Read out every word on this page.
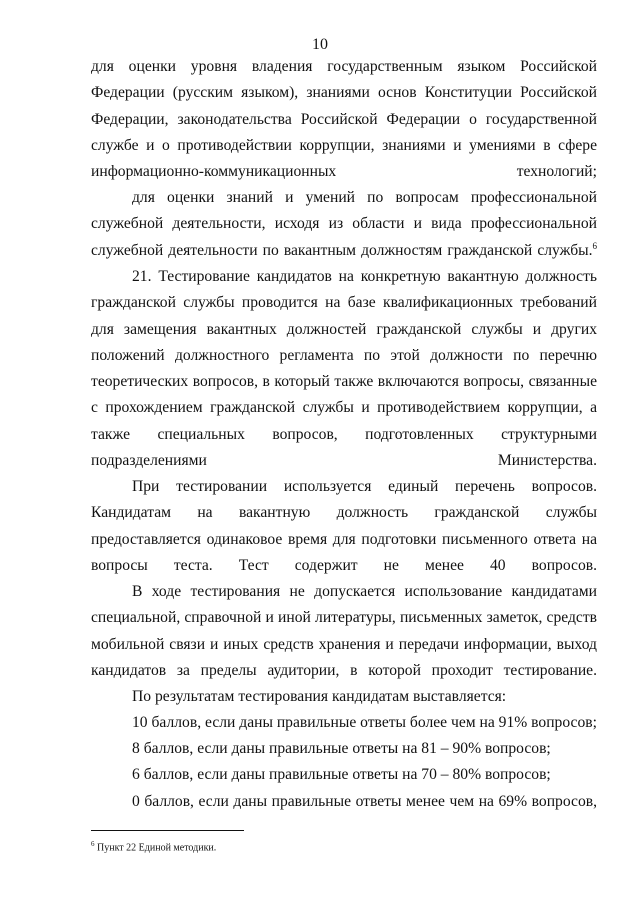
10

для оценки уровня владения государственным языком Российской Федерации (русским языком), знаниями основ Конституции Российской Федерации, законодательства Российской Федерации о государственной службе и о противодействии коррупции, знаниями и умениями в сфере информационно-коммуникационных технологий;

для оценки знаний и умений по вопросам профессиональной служебной деятельности, исходя из области и вида профессиональной служебной деятельности по вакантным должностям гражданской службы.$^6$

21. Тестирование кандидатов на конкретную вакантную должность гражданской службы проводится на базе квалификационных требований для замещения вакантных должностей гражданской службы и других положений должностного регламента по этой должности по перечню теоретических вопросов, в который также включаются вопросы, связанные с прохождением гражданской службы и противодействием коррупции, а также специальных вопросов, подготовленных структурными подразделениями Министерства.

При тестировании используется единый перечень вопросов. Кандидатам на вакантную должность гражданской службы предоставляется одинаковое время для подготовки письменного ответа на вопросы теста. Тест содержит не менее 40 вопросов.

В ходе тестирования не допускается использование кандидатами специальной, справочной и иной литературы, письменных заметок, средств мобильной связи и иных средств хранения и передачи информации, выход кандидатов за пределы аудитории, в которой проходит тестирование.

По результатам тестирования кандидатам выставляется:

10 баллов, если даны правильные ответы более чем на 91% вопросов;

8 баллов, если даны правильные ответы на 81 – 90% вопросов;

6 баллов, если даны правильные ответы на 70 – 80% вопросов;

0 баллов, если даны правильные ответы менее чем на 69% вопросов,

$^6$ Пункт 22 Единой методики.
